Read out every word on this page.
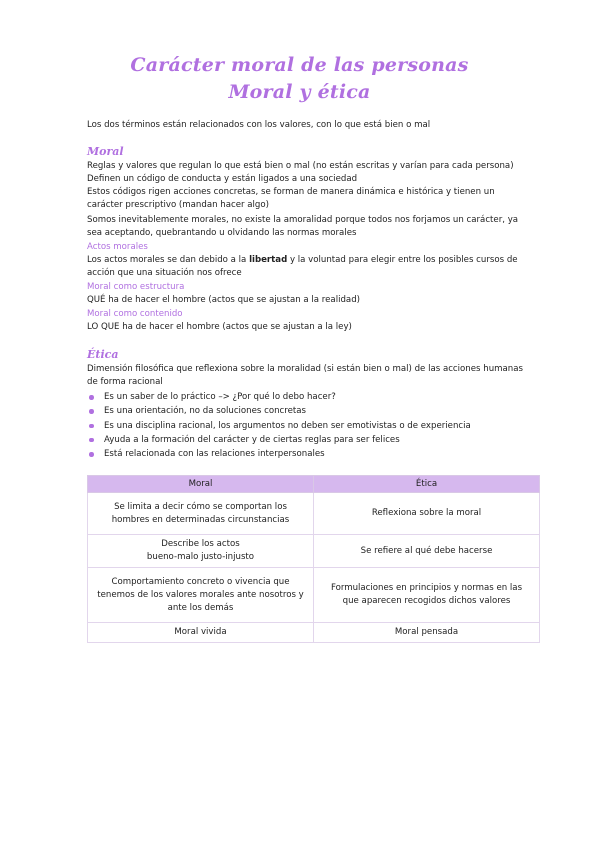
Carácter moral de las personas
Moral y ética

Los dos términos están relacionados con los valores, con lo que está bien o mal

Moral

Reglas y valores que regulan lo que está bien o mal (no están escritas y varían para cada persona) Definen un código de conducta y están ligados a una sociedad

Estos códigos rigen acciones concretas, se forman de manera dinámica e histórica y tienen un carácter prescriptivo (mandan hacer algo)

Somos inevitablemente morales, no existe la amoralidad porque todos nos forjamos un carácter, ya sea aceptando, quebrantando u olvidando las normas morales

Actos morales

Los actos morales se dan debido a la libertad y la voluntad para elegir entre los posibles cursos de acción que una situación nos ofrece

Moral como estructura

QUÉ ha de hacer el hombre (actos que se ajustan a la realidad)

Moral como contenido

LO QUE ha de hacer el hombre (actos que se ajustan a la ley)

Ética

Dimensión filosófica que reflexiona sobre la moralidad (si están bien o mal) de las acciones humanas de forma racional

Es un saber de lo práctico –> ¿Por qué lo debo hacer?
Es una orientación, no da soluciones concretas
Es una disciplina racional, los argumentos no deben ser emotivistas o de experiencia
Ayuda a la formación del carácter y de ciertas reglas para ser felices
Está relacionada con las relaciones interpersonales
Moral	Ética
Se limita a decir cómo se comportan los hombres en determinadas circunstancias	Reflexiona sobre la moral
Describe los actos
bueno-malo justo-injusto	Se refiere al qué debe hacerse
Comportamiento concreto o vivencia que tenemos de los valores morales ante nosotros y ante los demás	Formulaciones en principios y normas en las que aparecen recogidos dichos valores
Moral vivida	Moral pensada
